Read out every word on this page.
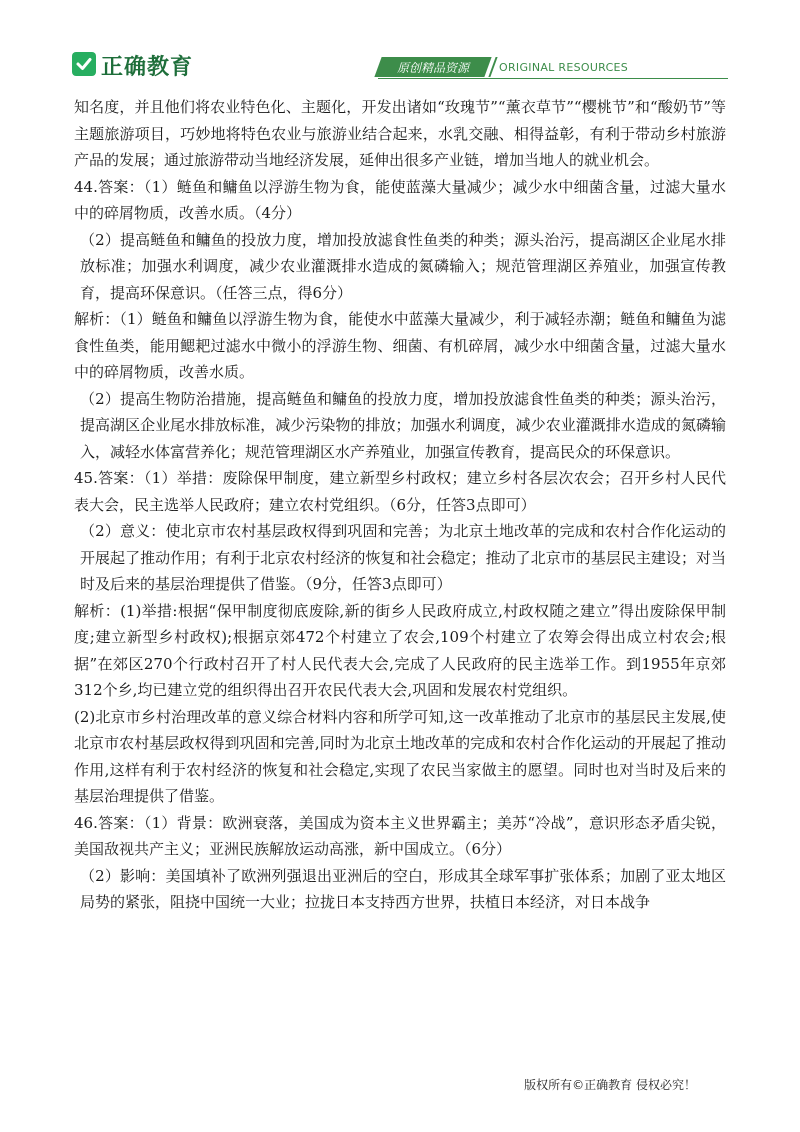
正确教育	原创精品资源	ORIGINAL RESOURCES

知名度，并且他们将农业特色化、主题化，开发出诸如“玫瑰节”“薰衣草节”“樱桃节”和“酸奶节”等主题旅游项目，巧妙地将特色农业与旅游业结合起来，水乳交融、相得益彰，有利于带动乡村旅游产品的发展；通过旅游带动当地经济发展，延伸出很多产业链，增加当地人的就业机会。

44.答案：（1）鲢鱼和鳙鱼以浮游生物为食，能使蓝藻大量减少；减少水中细菌含量，过滤大量水中的碎屑物质，改善水质。（4分）

（2）提高鲢鱼和鳙鱼的投放力度，增加投放滤食性鱼类的种类；源头治污，提高湖区企业尾水排放标准；加强水利调度，减少农业灌溉排水造成的氮磷输入；规范管理湖区养殖业，加强宣传教育，提高环保意识。（任答三点，得6分）

解析：（1）鲢鱼和鳙鱼以浮游生物为食，能使水中蓝藻大量减少，利于减轻赤潮；鲢鱼和鳙鱼为滤食性鱼类，能用鳃耙过滤水中微小的浮游生物、细菌、有机碎屑，减少水中细菌含量，过滤大量水中的碎屑物质，改善水质。

（2）提高生物防治措施，提高鲢鱼和鳙鱼的投放力度，增加投放滤食性鱼类的种类；源头治污，提高湖区企业尾水排放标准，减少污染物的排放；加强水利调度，减少农业灌溉排水造成的氮磷输入，减轻水体富营养化；规范管理湖区水产养殖业，加强宣传教育，提高民众的环保意识。

45.答案：（1）举措：废除保甲制度，建立新型乡村政权；建立乡村各层次农会；召开乡村人民代表大会，民主选举人民政府；建立农村党组织。（6分，任答3点即可）

（2）意义：使北京市农村基层政权得到巩固和完善；为北京土地改革的完成和农村合作化运动的开展起了推动作用；有利于北京农村经济的恢复和社会稳定；推动了北京市的基层民主建设；对当时及后来的基层治理提供了借鉴。（9分，任答3点即可）

解析：(1)举措:根据“保甲制度彻底废除,新的街乡人民政府成立,村政权随之建立”得出废除保甲制度;建立新型乡村政权);根据京郊472个村建立了农会,109个村建立了农筹会得出成立村农会;根据”在郊区270个行政村召开了村人民代表大会,完成了人民政府的民主选举工作。到1955年京郊312个乡,均已建立党的组织得出召开农民代表大会,巩固和发展农村党组织。

(2)北京市乡村治理改革的意义综合材料内容和所学可知,这一改革推动了北京市的基层民主发展,使北京市农村基层政权得到巩固和完善,同时为北京土地改革的完成和农村合作化运动的开展起了推动作用,这样有利于农村经济的恢复和社会稳定,实现了农民当家做主的愿望。同时也对当时及后来的基层治理提供了借鉴。

46.答案：（1）背景：欧洲衰落，美国成为资本主义世界霸主；美苏“冷战”，意识形态矛盾尖锐，美国敌视共产主义；亚洲民族解放运动高涨，新中国成立。（6分）

（2）影响：美国填补了欧洲列强退出亚洲后的空白，形成其全球军事扩张体系；加剧了亚太地区局势的紧张，阻挠中国统一大业；拉拢日本支持西方世界，扶植日本经济，对日本战争

版权所有©正确教育 侵权必究！
